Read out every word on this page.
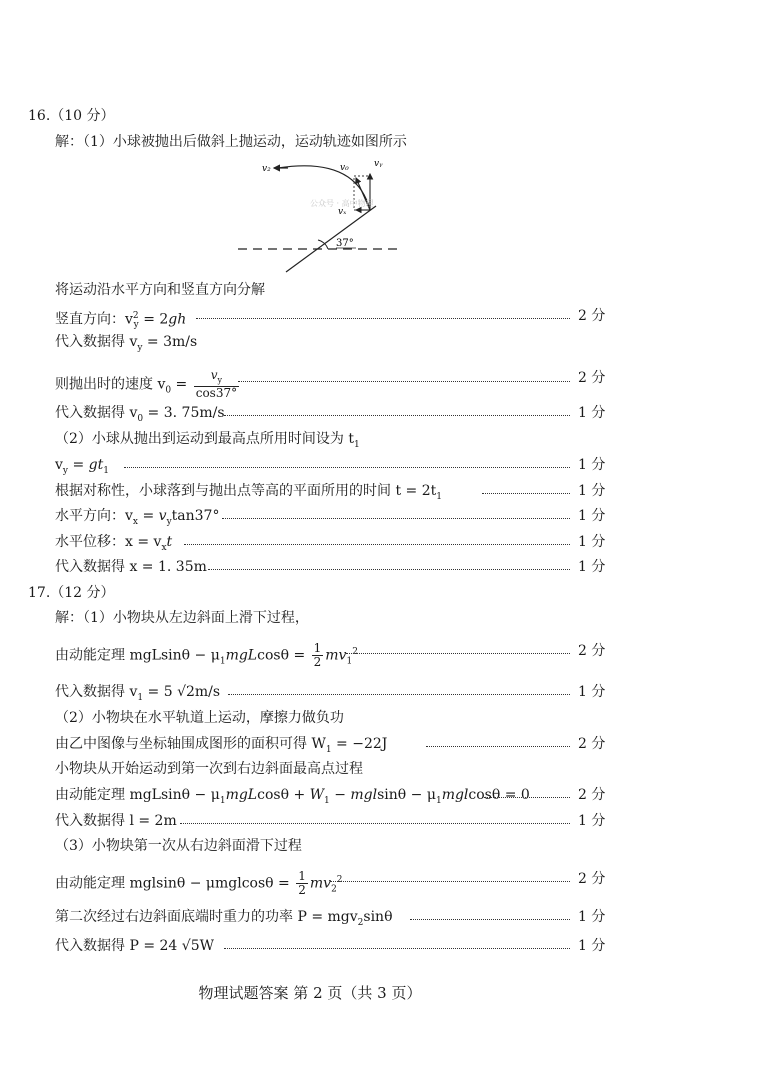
16.（10 分）
解：（1）小球被抛出后做斜上抛运动，运动轨迹如图所示
v₂	v₀	vᵧ
vₓ
37°
公众号 · 高中物理
将运动沿水平方向和竖直方向分解
竖直方向：$v^2_y = 2gh$	2 分
代入数据得 $v_y = 3m/s$
则抛出时的速度 $v_0 = \frac{v_y}{\cos 37^\circ}$	2 分
代入数据得 $v_0 = 3$. 75m/s	1 分
（2）小球从抛出到运动到最高点所用时间设为 $t_1$
$v_y = gt_1$	1 分
根据对称性，小球落到与抛出点等高的平面所用的时间 $t = 2t_1$	1 分
水平方向：$v_x = v_y\tan 37^\circ$	1 分
水平位移：$x = v_xt$	1 分
代入数据得 x = 1. 35m	1 分
17.（12 分）
解：（1）小物块从左边斜面上滑下过程，
由动能定理 $mgLsin\theta - \mu_1mgLcos\theta = \frac{1}{2} mv_1^2$	2 分
代入数据得 $v_1 = 5$ √2m/s	1 分
（2）小物块在水平轨道上运动，摩擦力做负功
由乙中图像与坐标轴围成图形的面积可得 $W_1 = -22J$	2 分
小物块从开始运动到第一次到右边斜面最高点过程
由动能定理 $mgLsin\theta - \mu_1mgLcos\theta + W_1 - mglsin\theta - \mu_1mglcos\theta = 0$	2 分
代入数据得 l = 2m	1 分
（3）小物块第一次从右边斜面滑下过程
由动能定理 $mglsin\theta - \mu mglcos\theta = \frac{1}{2} mv_2^2$	2 分
第二次经过右边斜面底端时重力的功率 P = mgv$_2$sinθ	1 分
代入数据得 P = 24 √5W	1 分
物理试题答案 第 2 页（共 3 页）
